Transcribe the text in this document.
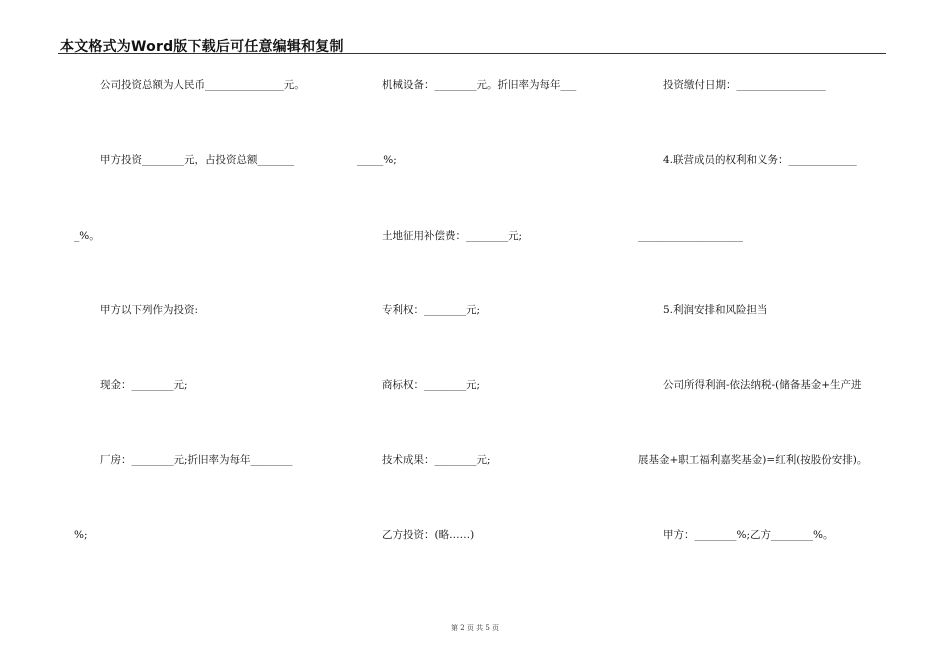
本文格式为Word版下载后可任意编辑和复制
公司投资总额为人民币_______________元。
甲方投资________元，占投资总额_______
_%。
甲方以下列作为投资:
现金：________元;
厂房：________元;折旧率为每年________
%;
机械设备：________元。折旧率为每年___
_____%;
土地征用补偿费：________元;
专利权：________元;
商标权：________元;
技术成果：________元;
乙方投资：(略……)
投资缴付日期：_________________
4.联营成员的权利和义务：_____________
____________________
5.利润安排和风险担当
公司所得利润-依法纳税-(储备基金+生产进
展基金+职工福利嘉奖基金)=红利(按股份安排)。
甲方：________%;乙方________%。
第 2 页 共 5 页
